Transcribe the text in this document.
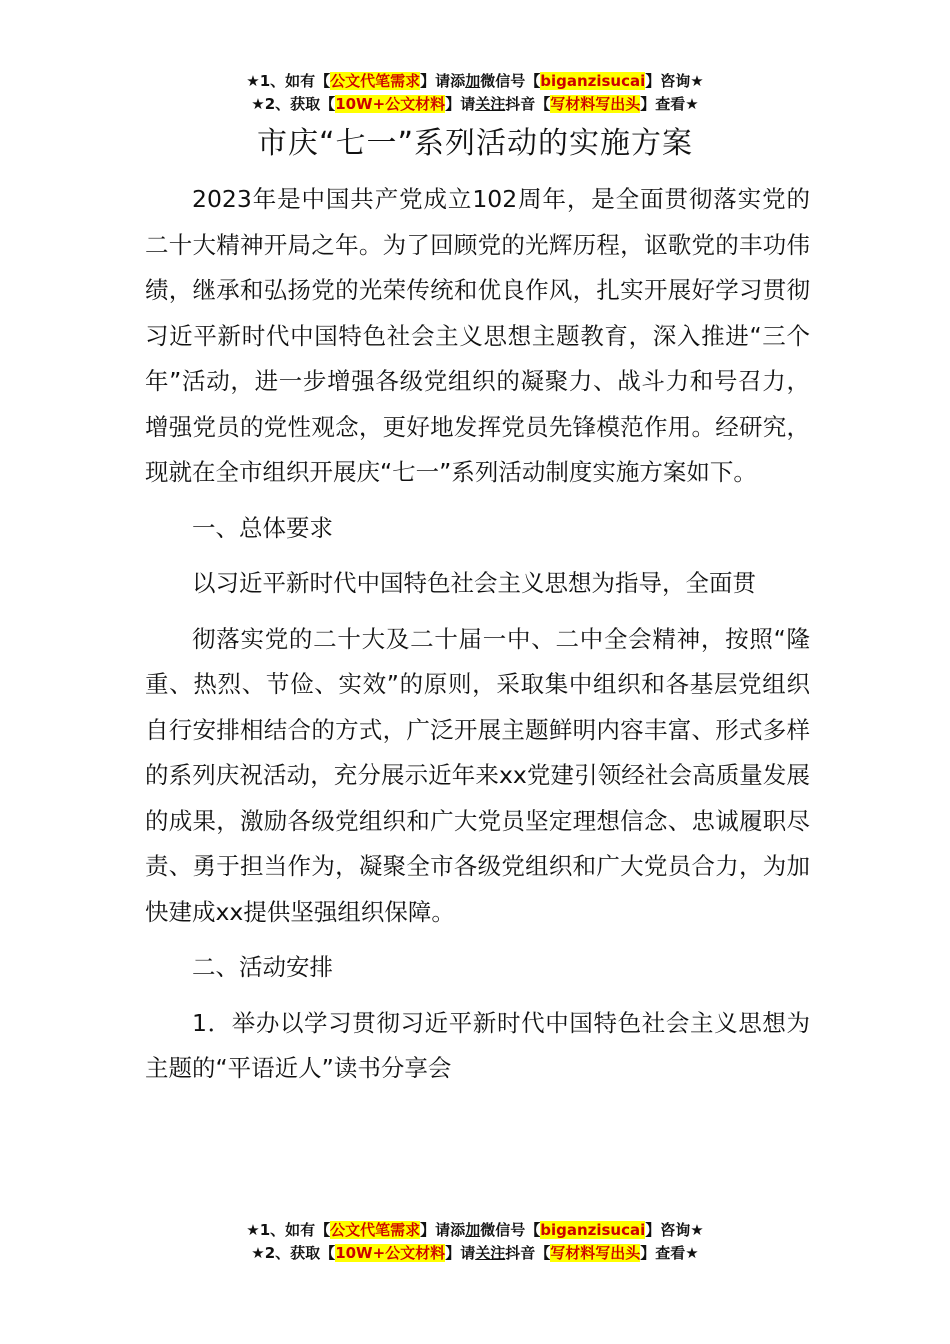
★1、如有【公文代笔需求】请添加微信号【biganzisucai】咨询★
★2、获取【10W+公文材料】请关注抖音【写材料写出头】查看★
市庆“七一”系列活动的实施方案

2023年是中国共产党成立102周年，是全面贯彻落实党的二十大精神开局之年。为了回顾党的光辉历程，讴歌党的丰功伟绩，继承和弘扬党的光荣传统和优良作风，扎实开展好学习贯彻习近平新时代中国特色社会主义思想主题教育，深入推进“三个年”活动，进一步增强各级党组织的凝聚力、战斗力和号召力，增强党员的党性观念，更好地发挥党员先锋模范作用。经研究，现就在全市组织开展庆“七一”系列活动制度实施方案如下。

一、总体要求

以习近平新时代中国特色社会主义思想为指导，全面贯

彻落实党的二十大及二十届一中、二中全会精神，按照“隆重、热烈、节俭、实效”的原则，采取集中组织和各基层党组织自行安排相结合的方式，广泛开展主题鲜明内容丰富、形式多样的系列庆祝活动，充分展示近年来xx党建引领经社会高质量发展的成果，激励各级党组织和广大党员坚定理想信念、忠诚履职尽责、勇于担当作为，凝聚全市各级党组织和广大党员合力，为加快建成xx提供坚强组织保障。

二、活动安排

1．举办以学习贯彻习近平新时代中国特色社会主义思想为主题的“平语近人”读书分享会

★1、如有【公文代笔需求】请添加微信号【biganzisucai】咨询★
★2、获取【10W+公文材料】请关注抖音【写材料写出头】查看★
